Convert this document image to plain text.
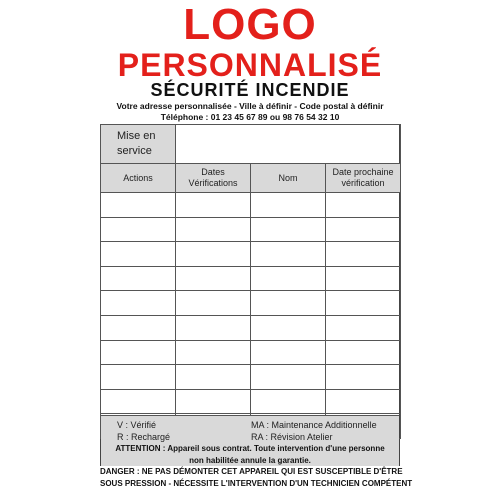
LOGO
PERSONNALISÉ
SÉCURITÉ INCENDIE
Votre adresse personnalisée - Ville à définir - Code postal à définir
Téléphone : 01 23 45 67 89 ou 98 76 54 32 10
Mise en service			
Actions	Dates Vérifications	Nom	Date prochaine vérification

V : Vérifié
R : Rechargé
MA : Maintenance Additionnelle
RA : Révision Atelier
ATTENTION : Appareil sous contrat. Toute intervention d'une personne
non habilitée annule la garantie.
DANGER : NE PAS DÉMONTER CET APPAREIL QUI EST SUSCEPTIBLE D'ÊTRE
SOUS PRESSION - NÉCESSITE L'INTERVENTION D'UN TECHNICIEN COMPÉTENT
